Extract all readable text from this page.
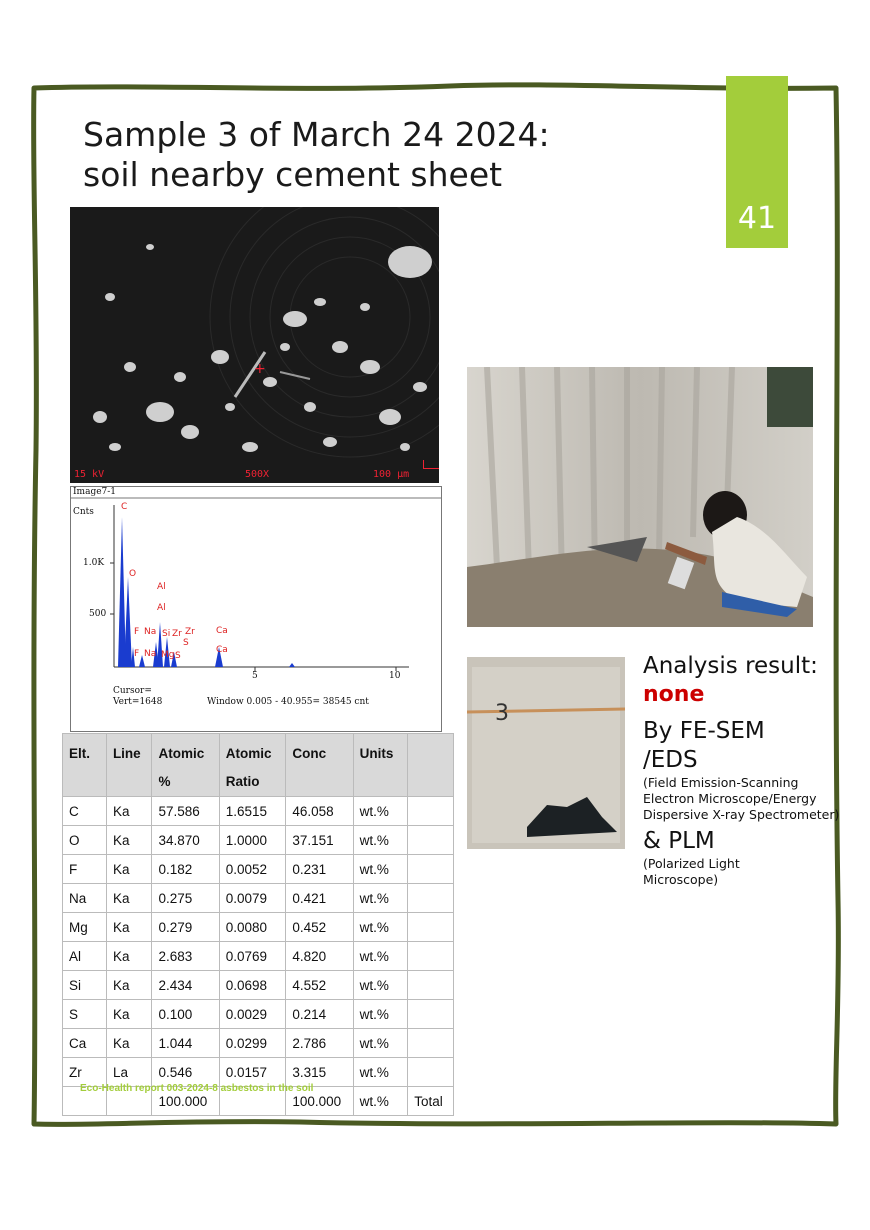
41
Sample 3 of March 24 2024:
soil nearby cement sheet
+
15 kV	500X	100 µm
Image7-1
Cnts
1.0K
500
5	10
C
O
Al
Al
F Na Si Zr Zr
S
S
Ca
Ca
F Na Mg
Cursor=
Vert=1648	Window 0.005 - 40.955= 38545 cnt
Elt.	Line	Atomic %	Atomic Ratio	Conc	Units	
C	Ka	57.586	1.6515	46.058	wt.%	
O	Ka	34.870	1.0000	37.151	wt.%	
F	Ka	0.182	0.0052	0.231	wt.%	
Na	Ka	0.275	0.0079	0.421	wt.%	
Mg	Ka	0.279	0.0080	0.452	wt.%	
Al	Ka	2.683	0.0769	4.820	wt.%	
Si	Ka	2.434	0.0698	4.552	wt.%	
S	Ka	0.100	0.0029	0.214	wt.%	
Ca	Ka	1.044	0.0299	2.786	wt.%	
Zr	La	0.546	0.0157	3.315	wt.%	
		100.000		100.000	wt.%	Total
Eco-Health report 003-2024-8 asbestos in the soil
3
Analysis result:
none
By FE-SEM /EDS
(Field Emission-Scanning Electron Microscope/Energy Dispersive X-ray Spectrometer)
& PLM
(Polarized Light Microscope)
